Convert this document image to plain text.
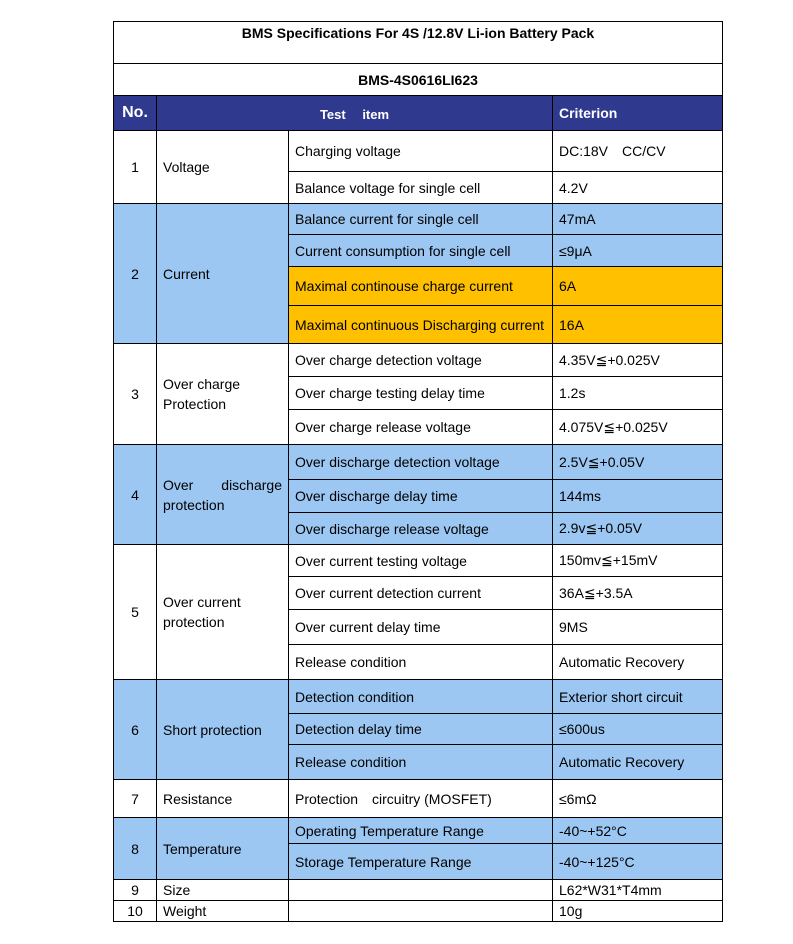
BMS Specifications For 4S /12.8V Li-ion Battery Pack			
BMS-4S0616LI623			
No.	Test　 item		Criterion
1	Voltage	Charging voltage	DC:18V　CC/CV
		Balance voltage for single cell	4.2V
2	Current	Balance current for single cell	47mA
		Current consumption for single cell	≤9μA
		Maximal continouse charge current	6A
		Maximal continuous Discharging current	16A
3	Over charge Protection	Over charge detection voltage	4.35V≦+0.025V
		Over charge testing delay time	1.2s
		Over charge release voltage	4.075V≦+0.025V
4	Over discharge protection	Over discharge detection voltage	2.5V≦+0.05V
		Over discharge delay time	144ms
		Over discharge release voltage	2.9v≦+0.05V
5	Over current protection	Over current testing voltage	150mv≦+15mV
		Over current detection current	36A≦+3.5A
		Over current delay time	9MS
		Release condition	Automatic Recovery
6	Short protection	Detection condition	Exterior short circuit
		Detection delay time	≤600us
		Release condition	Automatic Recovery
7	Resistance	Protection　circuitry (MOSFET)	≤6mΩ
8	Temperature	Operating Temperature Range	-40~+52°C
		Storage Temperature Range	-40~+125°C
9	Size		L62*W31*T4mm
10	Weight		10g
